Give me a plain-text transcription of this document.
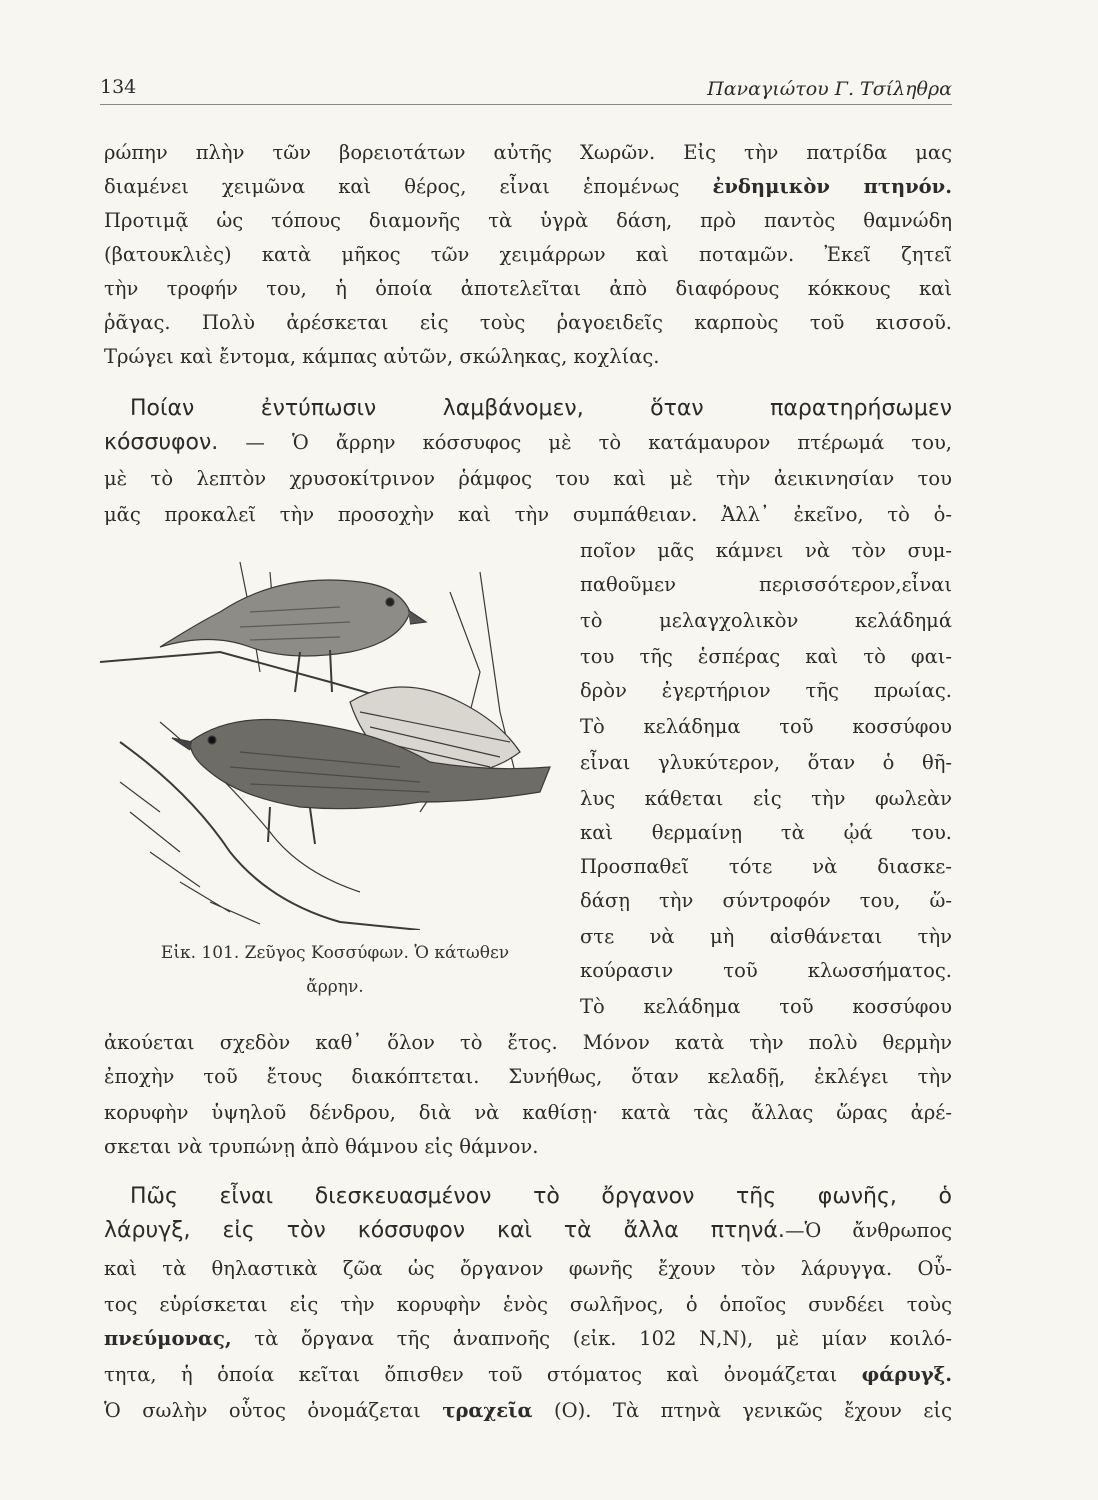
134	Παναγιώτου Γ. Τσίληθρα
ρώπην πλὴν τῶν βορειοτάτων αὐτῆς Χωρῶν. Εἰς τὴν πατρίδα μας
διαμένει χειμῶνα καὶ θέρος, εἶναι ἑπομένως ἐνδημικὸν πτηνόν.
Προτιμᾷ ὡς τόπους διαμονῆς τὰ ὑγρὰ δάση, πρὸ παντὸς θαμνώδη
(βατουκλιὲς) κατὰ μῆκος τῶν χειμάρρων καὶ ποταμῶν. Ἐκεῖ ζητεῖ
τὴν τροφήν του, ἡ ὁποία ἀποτελεῖται ἀπὸ διαφόρους κόκκους καὶ
ῥᾶγας. Πολὺ ἀρέσκεται εἰς τοὺς ῥαγοειδεῖς καρποὺς τοῦ κισσοῦ.
Τρώγει καὶ ἔντομα, κάμπας αὐτῶν, σκώληκας, κοχλίας.
Ποίαν ἐντύπωσιν λαμβάνομεν, ὅταν παρατηρήσωμεν
κόσσυφον. — Ὁ ἄρρην κόσσυφος μὲ τὸ κατάμαυρον πτέρωμά του,
μὲ τὸ λεπτὸν χρυσοκίτρινον ῥάμφος του καὶ μὲ τὴν ἀεικινησίαν του
μᾶς προκαλεῖ τὴν προσοχὴν καὶ τὴν συμπάθειαν. Ἀλλ᾽ ἐκεῖνο, τὸ ὁ-
ποῖον μᾶς κάμνει νὰ τὸν συμ-
παθοῦμεν περισσότερον,εἶναι
τὸ μελαγχολικὸν κελάδημά
του τῆς ἑσπέρας καὶ τὸ φαι-
δρὸν ἐγερτήριον τῆς πρωίας.
Τὸ κελάδημα τοῦ κοσσύφου
εἶναι γλυκύτερον, ὅταν ὁ θῆ-
λυς κάθεται εἰς τὴν φωλεὰν
καὶ θερμαίνῃ τὰ ᾠά του.
Προσπαθεῖ τότε νὰ διασκε-
δάσῃ τὴν σύντροφόν του, ὥ-
στε νὰ μὴ αἰσθάνεται τὴν
κούρασιν τοῦ κλωσσήματος.
Τὸ κελάδημα τοῦ κοσσύφου
Εἰκ. 101. Ζεῦγος Κοσσύφων. Ὁ κάτωθεν
ἄρρην.
ἀκούεται σχεδὸν καθ᾽ ὅλον τὸ ἔτος. Μόνον κατὰ τὴν πολὺ θερμὴν
ἐποχὴν τοῦ ἔτους διακόπτεται. Συνήθως, ὅταν κελαδῇ, ἐκλέγει τὴν
κορυφὴν ὑψηλοῦ δένδρου, διὰ νὰ καθίσῃ· κατὰ τὰς ἄλλας ὥρας ἀρέ-
σκεται νὰ τρυπώνῃ ἀπὸ θάμνου εἰς θάμνον.
Πῶς εἶναι διεσκευασμένον τὸ ὄργανον τῆς φωνῆς, ὁ
λάρυγξ, εἰς τὸν κόσσυφον καὶ τὰ ἄλλα πτηνά.—Ὁ ἄνθρωπος
καὶ τὰ θηλαστικὰ ζῶα ὡς ὄργανον φωνῆς ἔχουν τὸν λάρυγγα. Οὗ-
τος εὑρίσκεται εἰς τὴν κορυφὴν ἑνὸς σωλῆνος, ὁ ὁποῖος συνδέει τοὺς
πνεύμονας, τὰ ὄργανα τῆς ἀναπνοῆς (εἰκ. 102 Ν,Ν), μὲ μίαν κοιλό-
τητα, ἡ ὁποία κεῖται ὄπισθεν τοῦ στόματος καὶ ὀνομάζεται φάρυγξ.
Ὁ σωλὴν οὗτος ὀνομάζεται τραχεῖα (Ο). Τὰ πτηνὰ γενικῶς ἔχουν εἰς
